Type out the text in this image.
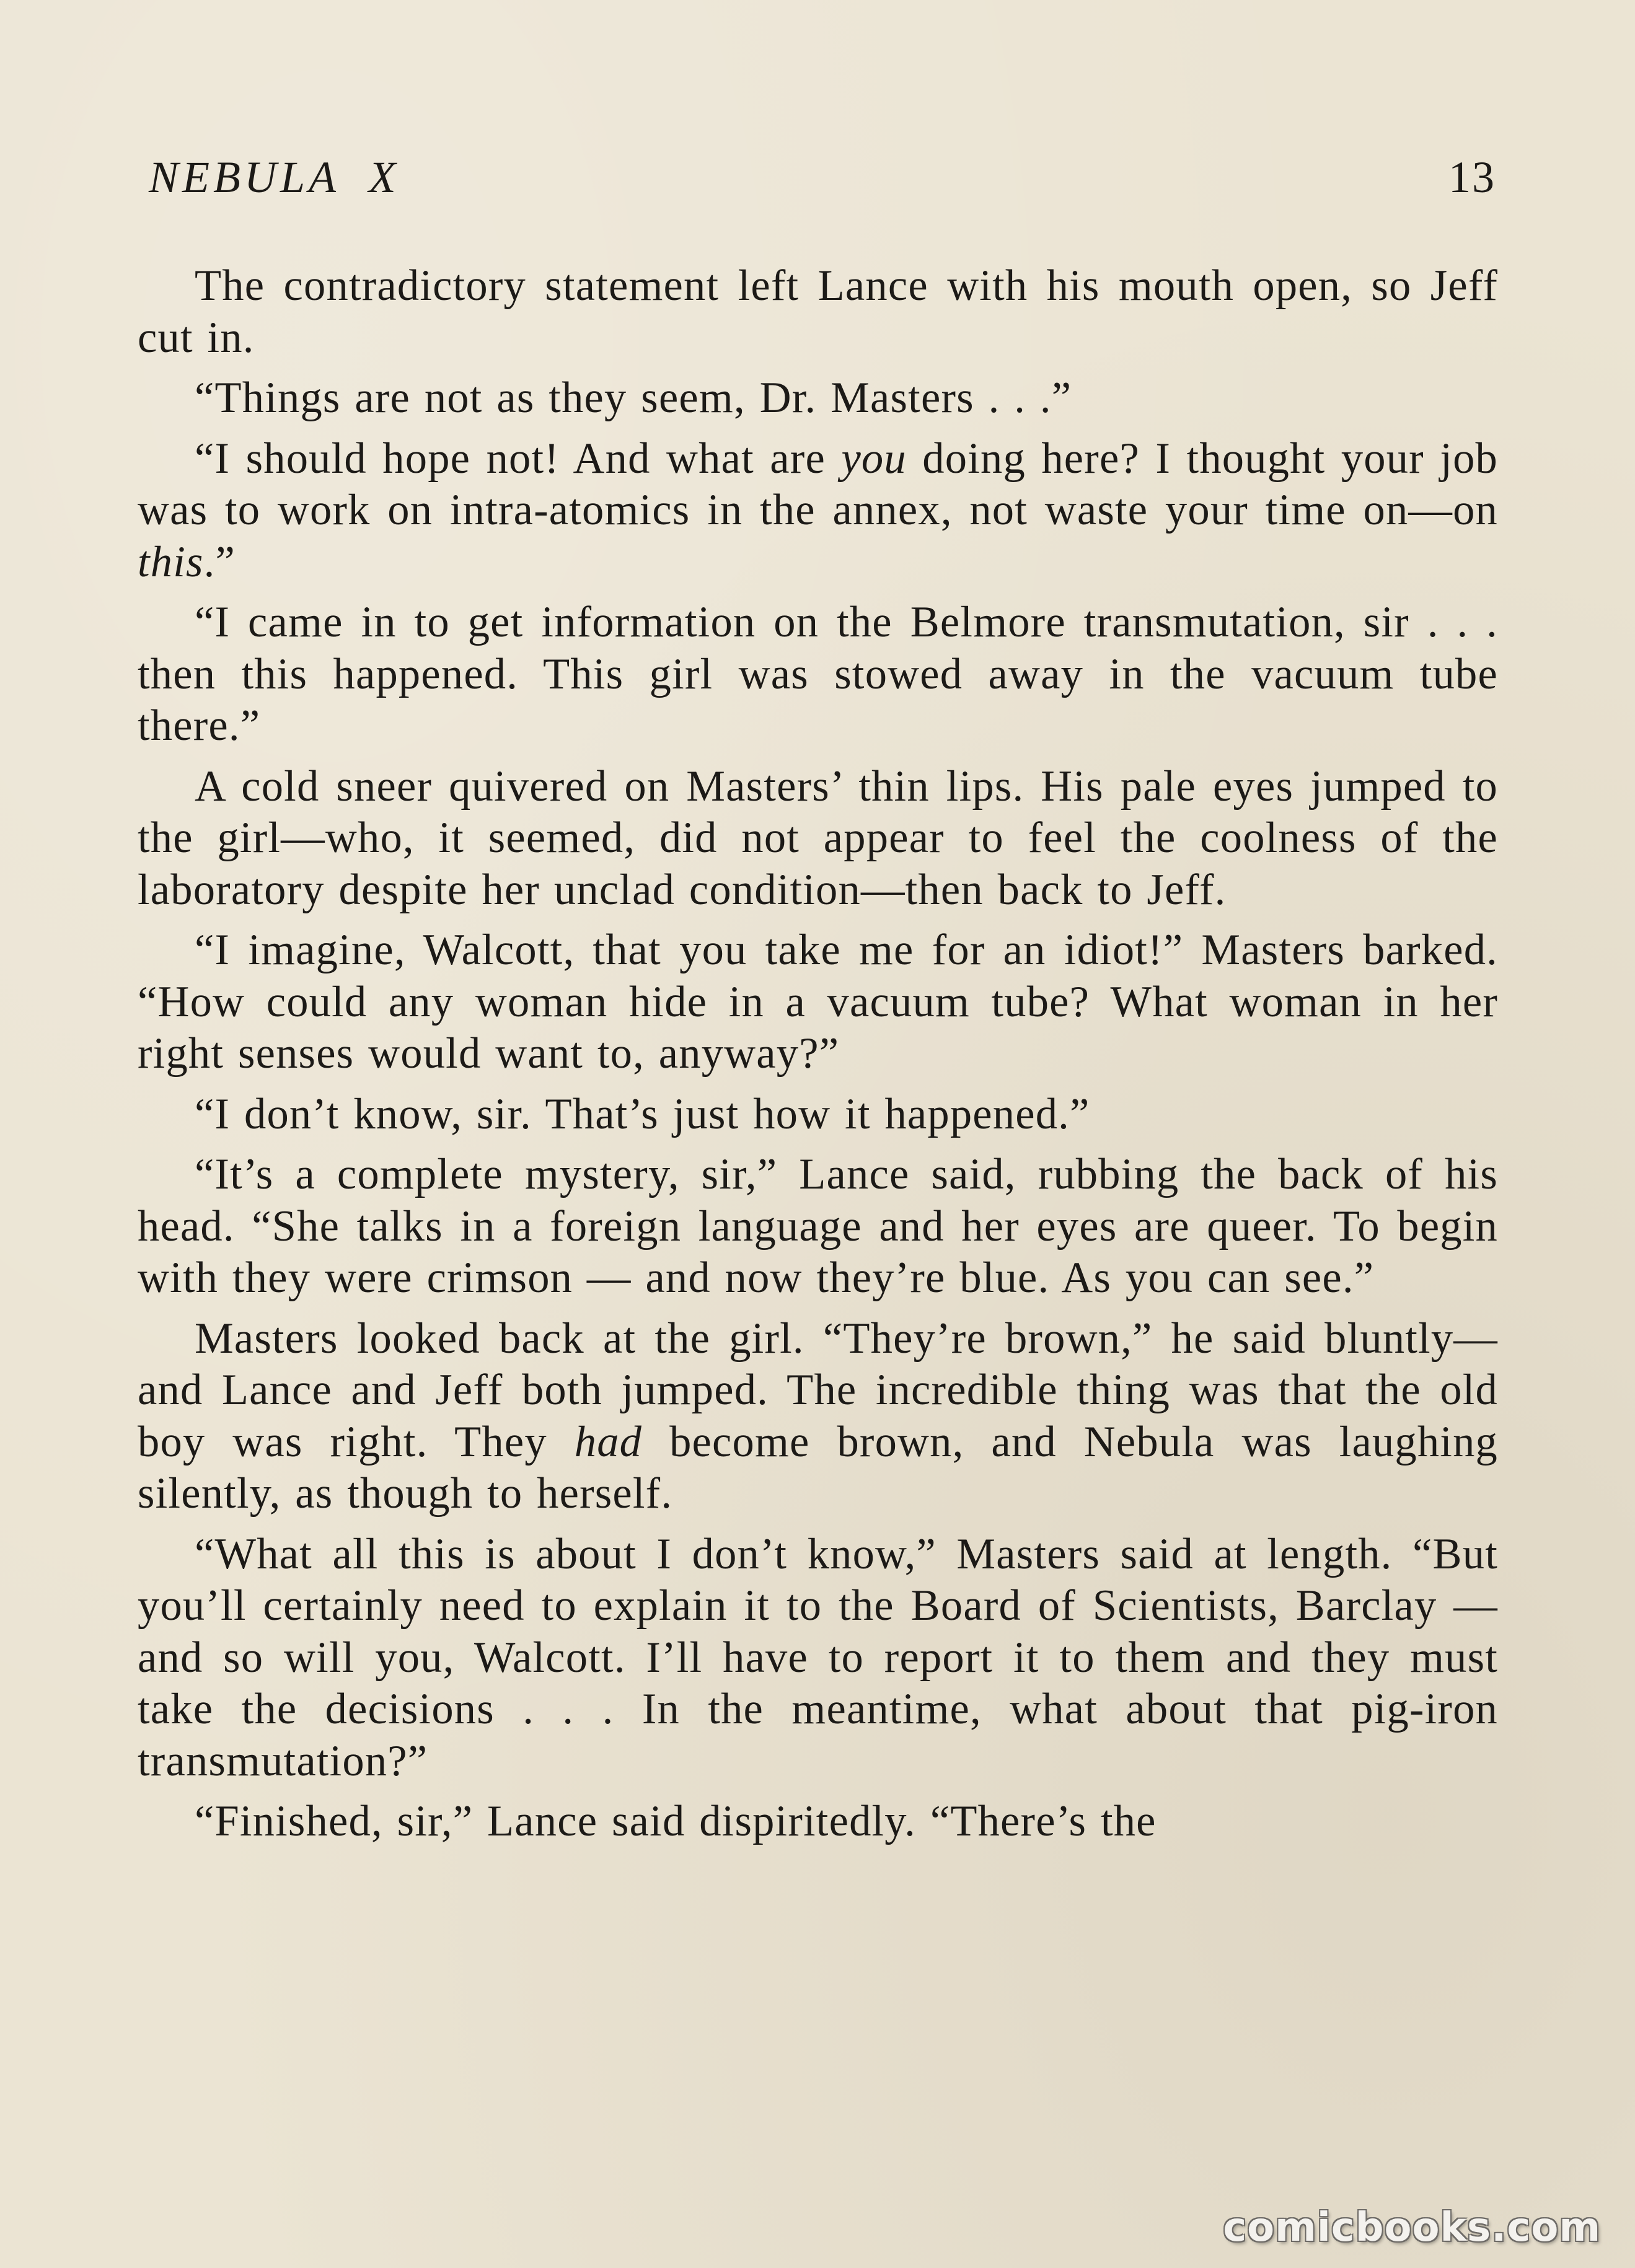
NEBULA  X	13

The contradictory statement left Lance with his mouth open, so Jeff cut in.

“Things are not as they seem, Dr. Masters . . .”

“I should hope not! And what are you doing here? I thought your job was to work on intra-atomics in the annex, not waste your time on—on this.”

“I came in to get information on the Belmore transmutation, sir . . . then this happened. This girl was stowed away in the vacuum tube there.”

A cold sneer quivered on Masters’ thin lips. His pale eyes jumped to the girl—who, it seemed, did not appear to feel the coolness of the laboratory despite her unclad condition—then back to Jeff.

“I imagine, Walcott, that you take me for an idiot!” Masters barked. “How could any woman hide in a vacuum tube? What woman in her right senses would want to, anyway?”

“I don’t know, sir. That’s just how it happened.”

“It’s a complete mystery, sir,” Lance said, rubbing the back of his head. “She talks in a foreign language and her eyes are queer. To begin with they were crimson — and now they’re blue. As you can see.”

Masters looked back at the girl. “They’re brown,” he said bluntly—and Lance and Jeff both jumped. The incredible thing was that the old boy was right. They had become brown, and Nebula was laughing silently, as though to herself.

“What all this is about I don’t know,” Masters said at length. “But you’ll certainly need to explain it to the Board of Scientists, Barclay — and so will you, Walcott. I’ll have to report it to them and they must take the decisions . . . In the meantime, what about that pig-iron transmutation?”

“Finished, sir,” Lance said dispiritedly. “There’s the

comicbooks.com
